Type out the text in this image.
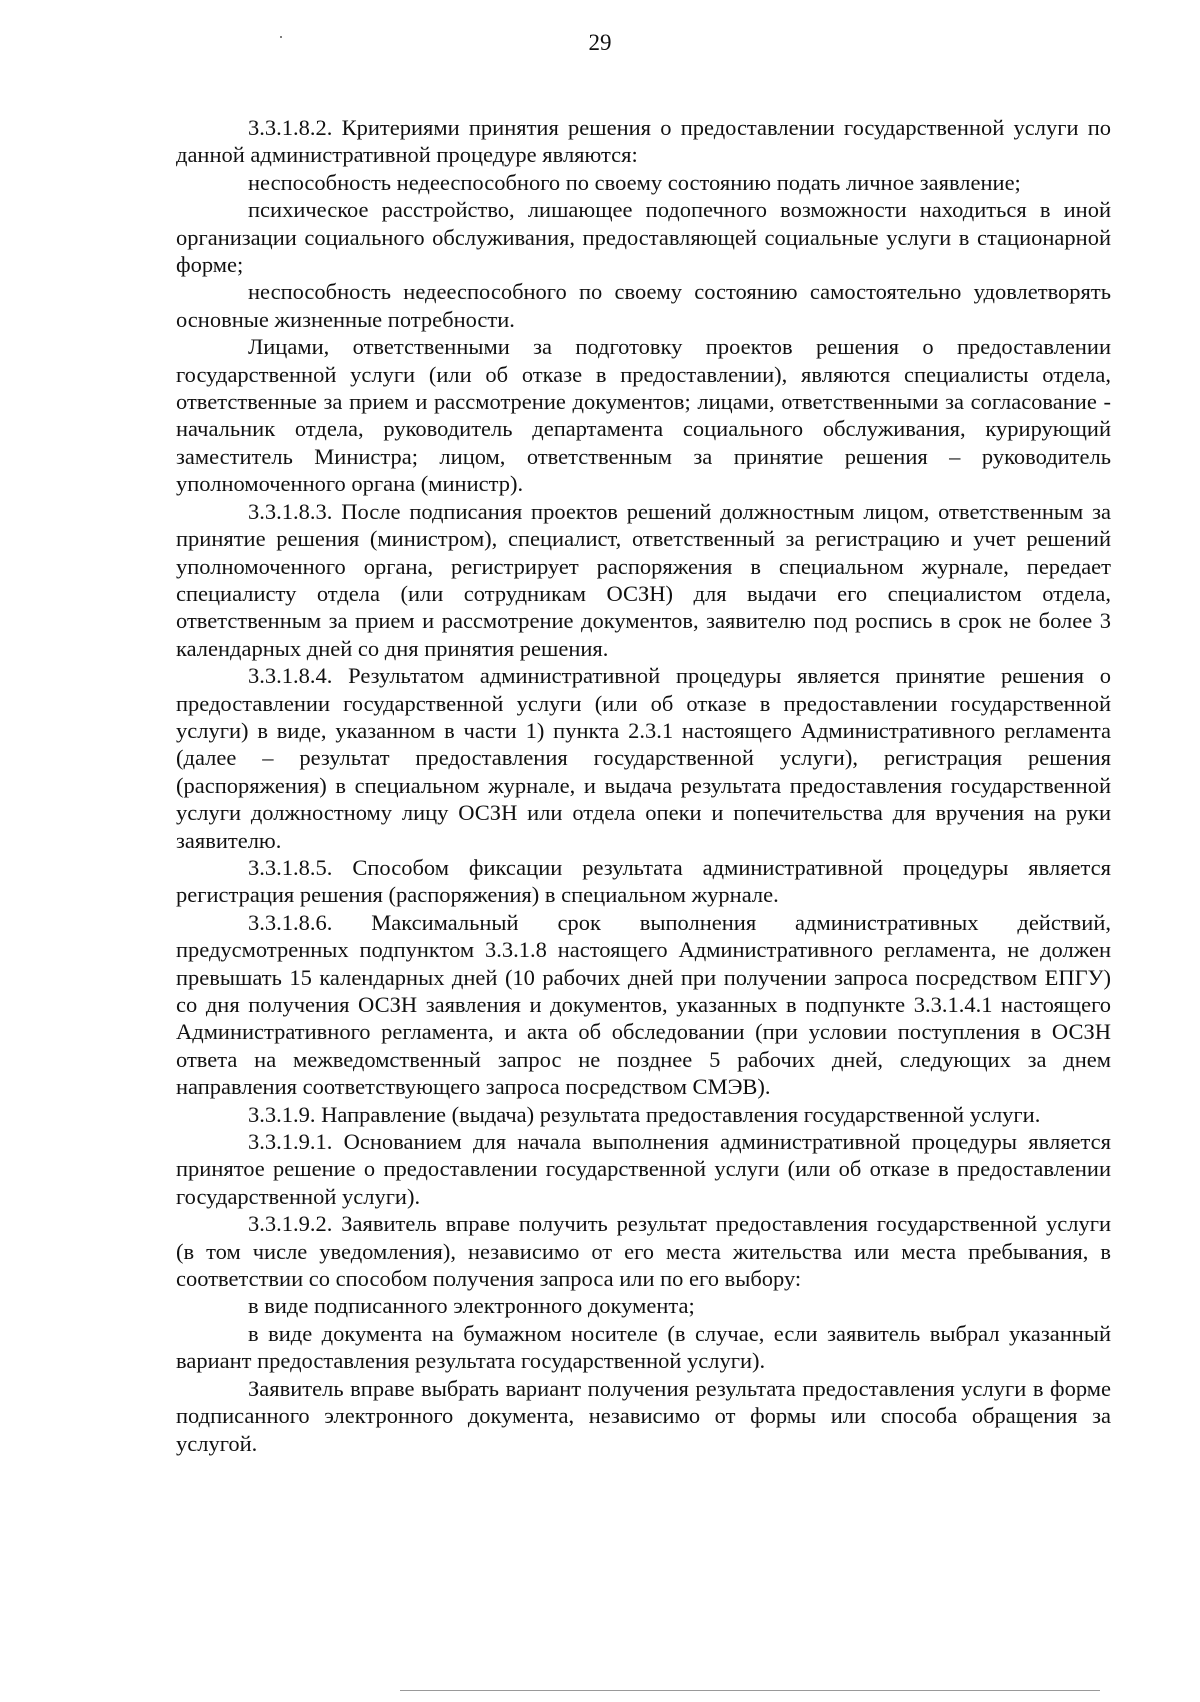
29

3.3.1.8.2. Критериями принятия решения о предоставлении государственной услуги по данной административной процедуре являются:

неспособность недееспособного по своему состоянию подать личное заявление;

психическое расстройство, лишающее подопечного возможности находиться в иной организации социального обслуживания, предоставляющей социальные услуги в стационарной форме;

неспособность недееспособного по своему состоянию самостоятельно удовлетворять основные жизненные потребности.

Лицами, ответственными за подготовку проектов решения о предоставлении государственной услуги (или об отказе в предоставлении), являются специалисты отдела, ответственные за прием и рассмотрение документов; лицами, ответственными за согласование - начальник отдела, руководитель департамента социального обслуживания, курирующий заместитель Министра; лицом, ответственным за принятие решения – руководитель уполномоченного органа (министр).

3.3.1.8.3. После подписания проектов решений должностным лицом, ответственным за принятие решения (министром), специалист, ответственный за регистрацию и учет решений уполномоченного органа, регистрирует распоряжения в специальном журнале, передает специалисту отдела (или сотрудникам ОСЗН) для выдачи его специалистом отдела, ответственным за прием и рассмотрение документов, заявителю под роспись в срок не более 3 календарных дней со дня принятия решения.

3.3.1.8.4. Результатом административной процедуры является принятие решения о предоставлении государственной услуги (или об отказе в предоставлении государственной услуги) в виде, указанном в части 1) пункта 2.3.1 настоящего Административного регламента (далее – результат предоставления государственной услуги), регистрация решения (распоряжения) в специальном журнале, и выдача результата предоставления государственной услуги должностному лицу ОСЗН или отдела опеки и попечительства для вручения на руки заявителю.

3.3.1.8.5. Способом фиксации результата административной процедуры является регистрация решения (распоряжения) в специальном журнале.

3.3.1.8.6. Максимальный срок выполнения административных действий, предусмотренных подпунктом 3.3.1.8 настоящего Административного регламента, не должен превышать 15 календарных дней (10 рабочих дней при получении запроса посредством ЕПГУ) со дня получения ОСЗН заявления и документов, указанных в подпункте 3.3.1.4.1 настоящего Административного регламента, и акта об обследовании (при условии поступления в ОСЗН ответа на межведомственный запрос не позднее 5 рабочих дней, следующих за днем направления соответствующего запроса посредством СМЭВ).

3.3.1.9. Направление (выдача) результата предоставления государственной услуги.

3.3.1.9.1. Основанием для начала выполнения административной процедуры является принятое решение о предоставлении государственной услуги (или об отказе в предоставлении государственной услуги).

3.3.1.9.2. Заявитель вправе получить результат предоставления государственной услуги (в том числе уведомления), независимо от его места жительства или места пребывания, в соответствии со способом получения запроса или по его выбору:

в виде подписанного электронного документа;

в виде документа на бумажном носителе (в случае, если заявитель выбрал указанный вариант предоставления результата государственной услуги).

Заявитель вправе выбрать вариант получения результата предоставления услуги в форме подписанного электронного документа, независимо от формы или способа обращения за услугой.
